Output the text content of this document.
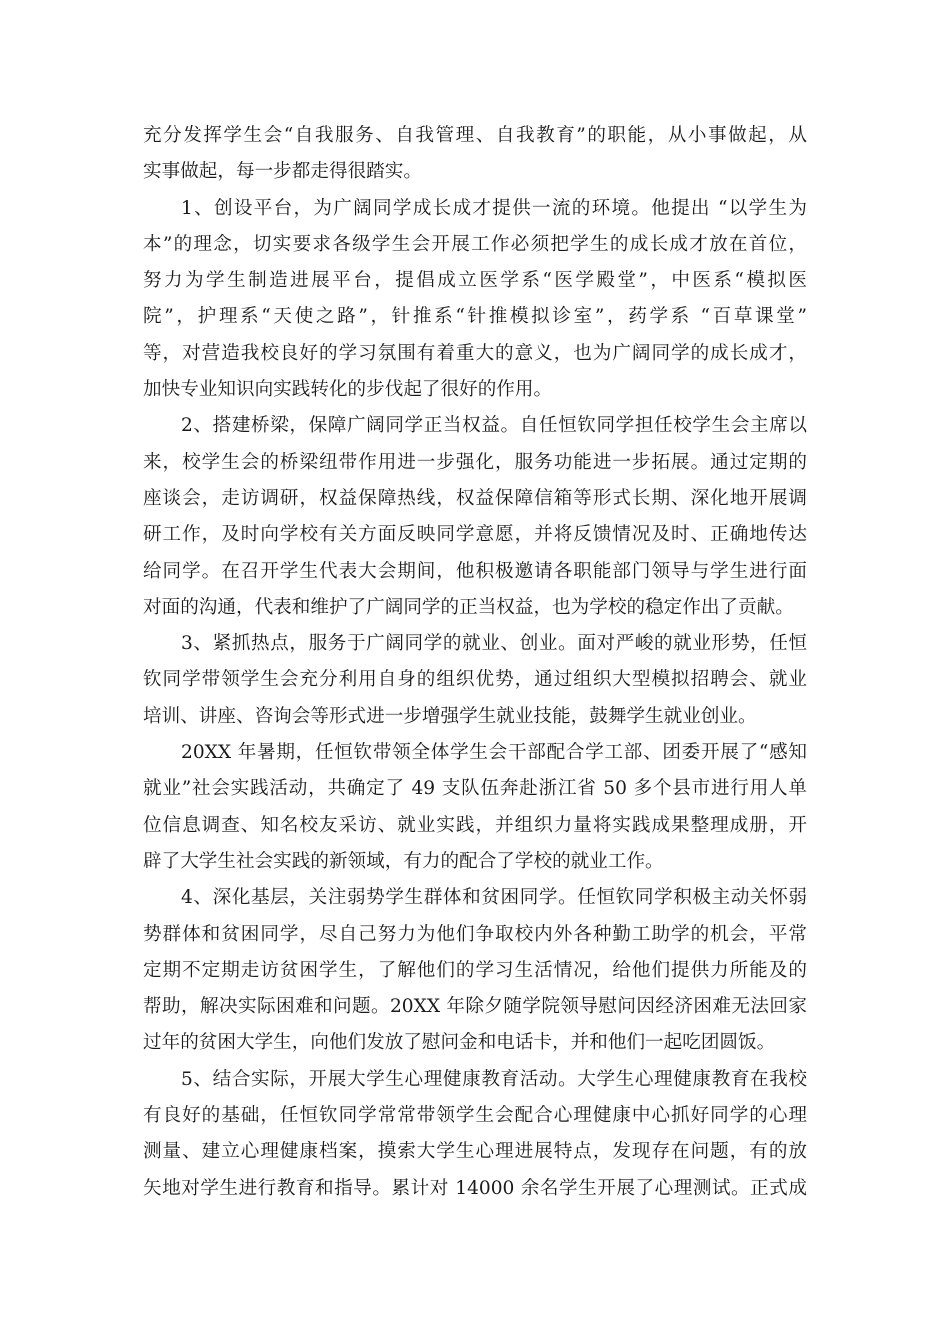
充分发挥学生会“自我服务、自我管理、自我教育”的职能，从小事做起，从
实事做起，每一步都走得很踏实。
1、创设平台，为广阔同学成长成才提供一流的环境。他提出 “以学生为
本”的理念，切实要求各级学生会开展工作必须把学生的成长成才放在首位，
努力为学生制造进展平台，提倡成立医学系“医学殿堂”，中医系“模拟医
院”，护理系“天使之路”，针推系“针推模拟诊室”，药学系 “百草课堂”
等，对营造我校良好的学习氛围有着重大的意义，也为广阔同学的成长成才，
加快专业知识向实践转化的步伐起了很好的作用。
2、搭建桥梁，保障广阔同学正当权益。自任恒钦同学担任校学生会主席以
来，校学生会的桥梁纽带作用进一步强化，服务功能进一步拓展。通过定期的
座谈会，走访调研，权益保障热线，权益保障信箱等形式长期、深化地开展调
研工作，及时向学校有关方面反映同学意愿，并将反馈情况及时、正确地传达
给同学。在召开学生代表大会期间，他积极邀请各职能部门领导与学生进行面
对面的沟通，代表和维护了广阔同学的正当权益，也为学校的稳定作出了贡献。
3、紧抓热点，服务于广阔同学的就业、创业。面对严峻的就业形势，任恒
钦同学带领学生会充分利用自身的组织优势，通过组织大型模拟招聘会、就业
培训、讲座、咨询会等形式进一步增强学生就业技能，鼓舞学生就业创业。
20XX 年暑期，任恒钦带领全体学生会干部配合学工部、团委开展了“感知
就业”社会实践活动，共确定了 49 支队伍奔赴浙江省 50 多个县市进行用人单
位信息调查、知名校友采访、就业实践，并组织力量将实践成果整理成册，开
辟了大学生社会实践的新领域，有力的配合了学校的就业工作。
4、深化基层，关注弱势学生群体和贫困同学。任恒钦同学积极主动关怀弱
势群体和贫困同学，尽自己努力为他们争取校内外各种勤工助学的机会，平常
定期不定期走访贫困学生，了解他们的学习生活情况，给他们提供力所能及的
帮助，解决实际困难和问题。20XX 年除夕随学院领导慰问因经济困难无法回家
过年的贫困大学生，向他们发放了慰问金和电话卡，并和他们一起吃团圆饭。
5、结合实际，开展大学生心理健康教育活动。大学生心理健康教育在我校
有良好的基础，任恒钦同学常常带领学生会配合心理健康中心抓好同学的心理
测量、建立心理健康档案，摸索大学生心理进展特点，发现存在问题，有的放
矢地对学生进行教育和指导。累计对 14000 余名学生开展了心理测试。正式成
